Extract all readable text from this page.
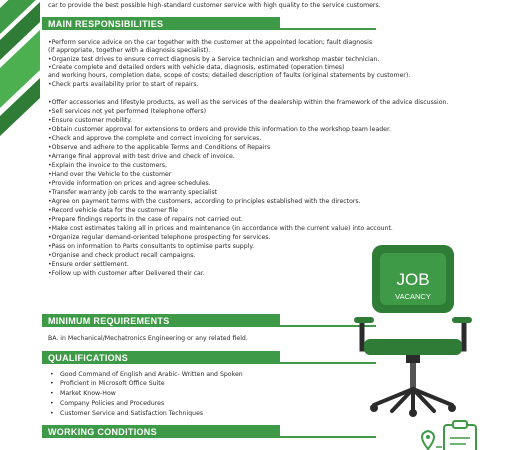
car to provide the best possible high-standard customer service with high quality to the service customers.
MAIN RESPONSIBILITIES
•Perform service advice on the car together with the customer at the appointed location; fault diagnosis
(if appropriate, together with a diagnosis specialist).
•Organize test drives to ensure correct diagnosis by a Service technician and workshop master technician.
•Create complete and detailed orders with vehicle data, diagnosis, estimated (operation times)
and working hours, completion date, scope of costs; detailed description of faults (original statements by customer).
•Check parts availability prior to start of repairs.
•Offer accessories and lifestyle products, as well as the services of the dealership within the framework of the advice discussion.
•Sell services not yet performed (telephone offers)
•Ensure customer mobility.
•Obtain customer approval for extensions to orders and provide this information to the workshop team leader.
•Check and approve the complete and correct invoicing for services.
•Observe and adhere to the applicable Terms and Conditions of Repairs
•Arrange final approval with test drive and check of invoice.
•Explain the invoice to the customers,
•Hand over the Vehicle to the customer
•Provide information on prices and agree schedules.
•Transfer warranty job cards to the warranty specialist
•Agree on payment terms with the customers, according to principles established with the directors.
•Record vehicle data for the customer file
•Prepare findings reports in the case of repairs not carried out.
•Make cost estimates taking all in prices and maintenance (in accordance with the current value) into account.
•Organize regular demand-oriented telephone prospecting for services.
•Pass on information to Parts consultants to optimise parts supply.
•Organise and check product recall campaigns.
•Ensure order settlement.
•Follow up with customer after Delivered their car.
MINIMUM REQUIREMENTS
BA. in Mechanical/Mechatronics Engineering or any related field.
QUALIFICATIONS
• Good Command of English and Arabic- Written and Spoken
• Proficient in Microsoft Office Suite
• Market Know-How
• Company Policies and Procedures
• Customer Service and Satisfaction Techniques
WORKING CONDITIONS
JOB
VACANCY
